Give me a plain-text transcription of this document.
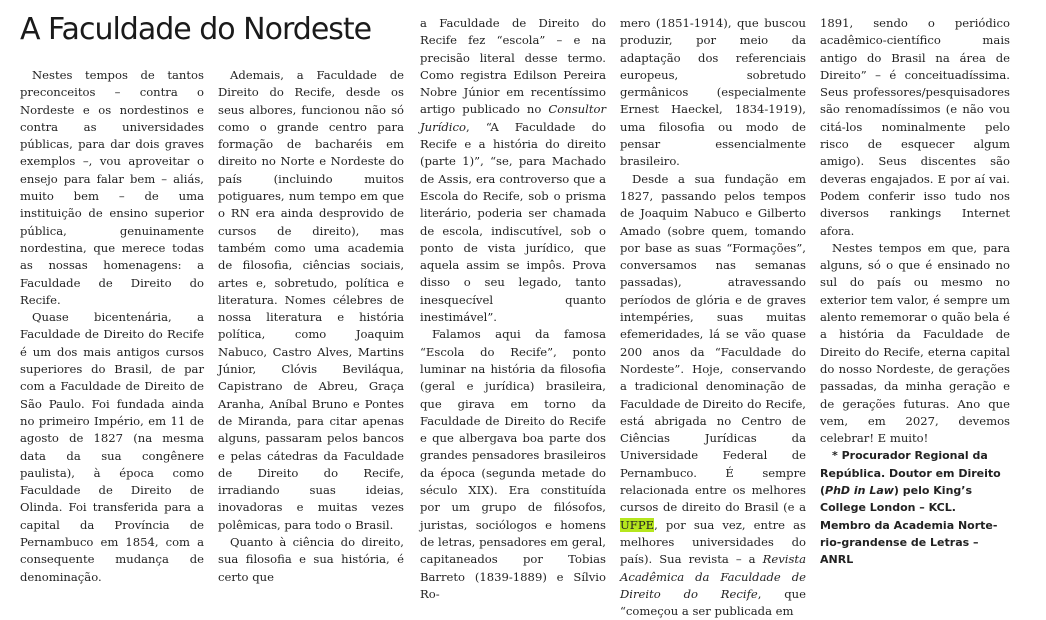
A Faculdade do Nordeste

Nestes tempos de tantos preconceitos – contra o Nordeste e os nordestinos e contra as universidades públicas, para dar dois graves exemplos –, vou aproveitar o ensejo para falar bem – aliás, muito bem – de uma instituição de ensino superior pública, genuinamente nordestina, que merece todas as nossas homenagens: a Faculdade de Direito do Recife.

Quase bicentenária, a Faculdade de Direito do Recife é um dos mais antigos cursos superiores do Brasil, de par com a Faculdade de Direito de São Paulo. Foi fundada ainda no primeiro Império, em 11 de agosto de 1827 (na mesma data da sua congênere paulista), à época como Faculdade de Direito de Olinda. Foi transferida para a capital da Província de Pernambuco em 1854, com a consequente mudança de denominação.

Ademais, a Faculdade de Direito do Recife, desde os seus albores, funcionou não só como o grande centro para formação de bacharéis em direito no Norte e Nordeste do país (incluindo muitos potiguares, num tempo em que o RN era ainda desprovido de cursos de direito), mas também como uma academia de filosofia, ciências sociais, artes e, sobretudo, política e literatura. Nomes célebres de nossa literatura e história política, como Joaquim Nabuco, Castro Alves, Martins Júnior, Clóvis Beviláqua, Capistrano de Abreu, Graça Aranha, Aníbal Bruno e Pontes de Miranda, para citar apenas alguns, passaram pelos bancos e pelas cátedras da Faculdade de Direito do Recife, irradiando suas ideias, inovadoras e muitas vezes polêmicas, para todo o Brasil.

Quanto à ciência do direito, sua filosofia e sua história, é certo que

a Faculdade de Direito do Recife fez “escola” – e na precisão literal desse termo. Como registra Edilson Pereira Nobre Júnior em recentíssimo artigo publicado no Consultor Jurídico, “A Faculdade do Recife e a história do direito (parte 1)”, “se, para Machado de Assis, era controverso que a Escola do Recife, sob o prisma literário, poderia ser chamada de escola, indiscutível, sob o ponto de vista jurídico, que aquela assim se impôs. Prova disso o seu legado, tanto inesquecível quanto inestimável”.

Falamos aqui da famosa “Escola do Recife”, ponto luminar na história da filosofia (geral e jurídica) brasileira, que girava em torno da Faculdade de Direito do Recife e que albergava boa parte dos grandes pensadores brasileiros da época (segunda metade do século XIX). Era constituída por um grupo de filósofos, juristas, sociólogos e homens de letras, pensadores em geral, capitaneados por Tobias Barreto (1839-1889) e Sílvio Ro-

mero (1851-1914), que buscou produzir, por meio da adaptação dos referenciais europeus, sobretudo germânicos (especialmente Ernest Haeckel, 1834-1919), uma filosofia ou modo de pensar essencialmente brasileiro.

Desde a sua fundação em 1827, passando pelos tempos de Joaquim Nabuco e Gilberto Amado (sobre quem, tomando por base as suas “Formações”, conversamos nas semanas passadas), atravessando períodos de glória e de graves intempéries, suas muitas efemeridades, lá se vão quase 200 anos da “Faculdade do Nordeste”. Hoje, conservando a tradicional denominação de Faculdade de Direito do Recife, está abrigada no Centro de Ciências Jurídicas da Universidade Federal de Pernambuco. É sempre relacionada entre os melhores cursos de direito do Brasil (e a UFPE, por sua vez, entre as melhores universidades do país). Sua revista – a Revista Acadêmica da Faculdade de Direito do Recife, que “começou a ser publicada em

1891, sendo o periódico acadêmico-científico mais antigo do Brasil na área de Direito” – é conceituadíssima. Seus professores/pesquisadores são renomadíssimos (e não vou citá-los nominalmente pelo risco de esquecer algum amigo). Seus discentes são deveras engajados. E por aí vai. Podem conferir isso tudo nos diversos rankings Internet afora.

Nestes tempos em que, para alguns, só o que é ensinado no sul do país ou mesmo no exterior tem valor, é sempre um alento rememorar o quão bela é a história da Faculdade de Direito do Recife, eterna capital do nosso Nordeste, de gerações passadas, da minha geração e de gerações futuras. Ano que vem, em 2027, devemos celebrar! E muito!

* Procurador Regional da República. Doutor em Direito (PhD in Law) pelo King’s College London – KCL. Membro da Academia Norte-rio-grandense de Letras – ANRL
